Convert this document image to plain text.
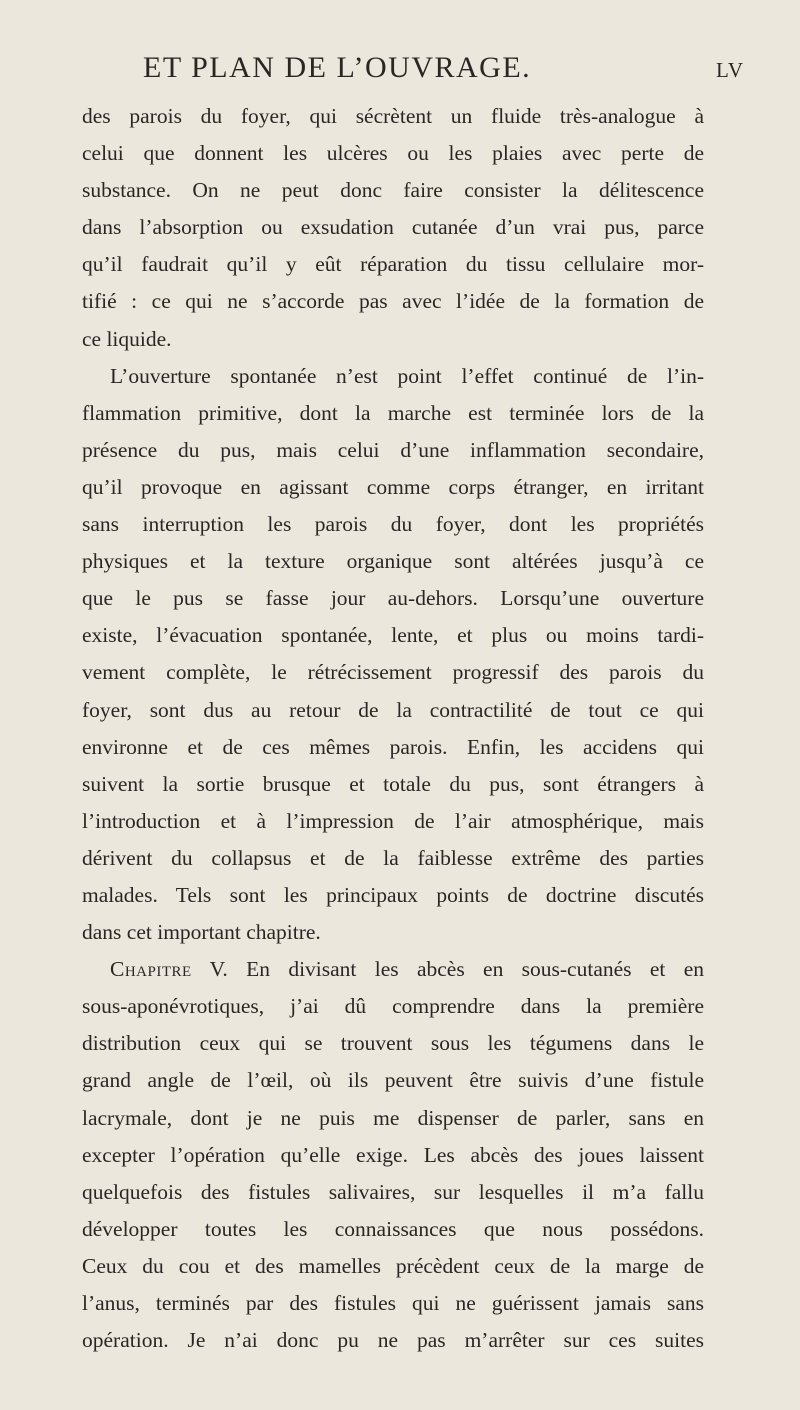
ET PLAN DE L’OUVRAGE.	LV
des parois du foyer, qui sécrètent un fluide très-analogue à
celui que donnent les ulcères ou les plaies avec perte de
substance. On ne peut donc faire consister la délitescence
dans l’absorption ou exsudation cutanée d’un vrai pus, parce
qu’il faudrait qu’il y eût réparation du tissu cellulaire mor-
tifié : ce qui ne s’accorde pas avec l’idée de la formation de
ce liquide.
L’ouverture spontanée n’est point l’effet continué de l’in-
flammation primitive, dont la marche est terminée lors de la
présence du pus, mais celui d’une inflammation secondaire,
qu’il provoque en agissant comme corps étranger, en irritant
sans interruption les parois du foyer, dont les propriétés
physiques et la texture organique sont altérées jusqu’à ce
que le pus se fasse jour au-dehors. Lorsqu’une ouverture
existe, l’évacuation spontanée, lente, et plus ou moins tardi-
vement complète, le rétrécissement progressif des parois du
foyer, sont dus au retour de la contractilité de tout ce qui
environne et de ces mêmes parois. Enfin, les accidens qui
suivent la sortie brusque et totale du pus, sont étrangers à
l’introduction et à l’impression de l’air atmosphérique, mais
dérivent du collapsus et de la faiblesse extrême des parties
malades. Tels sont les principaux points de doctrine discutés
dans cet important chapitre.
Chapitre V. En divisant les abcès en sous-cutanés et en
sous-aponévrotiques, j’ai dû comprendre dans la première
distribution ceux qui se trouvent sous les tégumens dans le
grand angle de l’œil, où ils peuvent être suivis d’une fistule
lacrymale, dont je ne puis me dispenser de parler, sans en
excepter l’opération qu’elle exige. Les abcès des joues laissent
quelquefois des fistules salivaires, sur lesquelles il m’a fallu
développer toutes les connaissances que nous possédons.
Ceux du cou et des mamelles précèdent ceux de la marge de
l’anus, terminés par des fistules qui ne guérissent jamais sans
opération. Je n’ai donc pu ne pas m’arrêter sur ces suites
